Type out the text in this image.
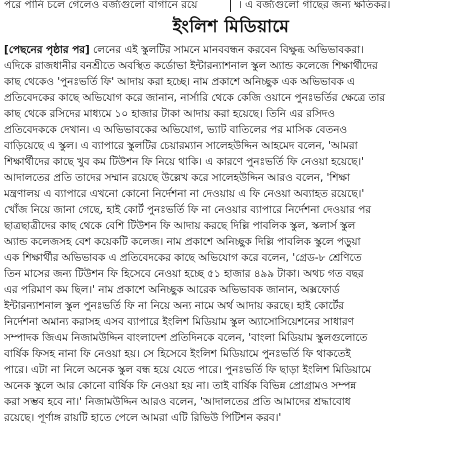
পরে পানি চলে গেলেও বর্জ্যগুলো বাগানে রয়ে	। এ বর্জ্যগুলো গাছের জন্য ক্ষতিকর।
ইংলিশ মিডিয়ামে
[পেছনের পৃষ্ঠার পর] লেনের এই স্কুলটির সামনে মানববন্ধন করবেন বিক্ষুব্ধ অভিভাবকরা।
এদিকে রাজধানীর বনশ্রীতে অবস্থিত কর্ডোভা ইন্টারন্যাশনাল স্কুল অ্যান্ড কলেজে শিক্ষার্থীদের
কাছ থেকেও 'পুনঃভর্তি ফি' আদায় করা হচ্ছে। নাম প্রকাশে অনিচ্ছুক এক অভিভাবক এ
প্রতিবেদকের কাছে অভিযোগ করে জানান, নার্সারি থেকে কেজি ওয়ানে পুনঃভর্তির ক্ষেত্রে তার
কাছ থেকে রসিদের মাধ্যমে ১০ হাজার টাকা আদায় করা হয়েছে। তিনি এর রসিদও
প্রতিবেদককে দেখান। এ অভিভাবকের অভিযোগ, ভ্যাট বাতিলের পর মাসিক বেতনও
বাড়িয়েছে এ স্কুল। এ ব্যাপারে স্কুলটির চেয়ারম্যান সালেহউদ্দিন আহমেদ বলেন, 'আমরা
শিক্ষার্থীদের কাছে খুব কম টিউশন ফি নিয়ে থাকি। এ কারণে পুনঃভর্তি ফি নেওয়া হয়েছে।'
আদালতের প্রতি তাদের সম্মান রয়েছে উল্লেখ করে সালেহউদ্দিন আরও বলেন, 'শিক্ষা
মন্ত্রণালয় এ ব্যাপারে এখনো কোনো নির্দেশনা না দেওয়ায় এ ফি নেওয়া অব্যাহত রয়েছে।'
খোঁজ নিয়ে জানা গেছে, হাই কোর্ট পুনঃভর্তি ফি না নেওয়ার ব্যাপারে নির্দেশনা দেওয়ার পর
ছাত্রছাত্রীদের কাছ থেকে বেশি টিউশন ফি আদায় করছে দিল্লি পাবলিক স্কুল, স্কলার্স স্কুল
অ্যান্ড কলেজসহ বেশ কয়েকটি কলেজ। নাম প্রকাশে অনিচ্ছুক দিল্লি পাবলিক স্কুলে পড়ুয়া
এক শিক্ষার্থীর অভিভাবক এ প্রতিবেদকের কাছে অভিযোগ করে বলেন, 'গ্রেড-৮ শ্রেণিতে
তিন মাসের জন্য টিউশন ফি হিসেবে নেওয়া হচ্ছে ৫১ হাজার ৪৯৯ টাকা। অথচ গত বছর
এর পরিমাণ কম ছিল।' নাম প্রকাশে অনিচ্ছুক আরেক অভিভাবক জানান, অক্সফোর্ড
ইন্টারন্যাশনাল স্কুল পুনঃভর্তি ফি না নিয়ে অন্য নামে অর্থ আদায় করছে। হাই কোর্টের
নির্দেশনা অমান্য করাসহ এসব ব্যাপারে ইংলিশ মিডিয়াম স্কুল অ্যাসোসিয়েশনের সাধারণ
সম্পাদক জিএম নিজামউদ্দিন বাংলাদেশ প্রতিদিনকে বলেন, 'বাংলা মিডিয়াম স্কুলগুলোতে
বার্ষিক ফিসহ নানা ফি নেওয়া হয়। সে হিসেবে ইংলিশ মিডিয়ামে পুনঃভর্তি ফি থাকতেই
পারে। এটা না নিলে অনেক স্কুল বন্ধ হয়ে যেতে পারে। পুনঃভর্তি ফি ছাড়া ইংলিশ মিডিয়ামে
অনেক স্কুলে আর কোনো বার্ষিক ফি নেওয়া হয় না। তাই বার্ষিক বিভিন্ন প্রোগ্রামও সম্পন্ন
করা সম্ভব হবে না।' নিজামউদ্দিন আরও বলেন, 'আদালতের প্রতি আমাদের শ্রদ্ধাবোধ
রয়েছে। পূর্ণাঙ্গ রায়টি হাতে পেলে আমরা এটি রিভিউ পিটিশন করব।'
